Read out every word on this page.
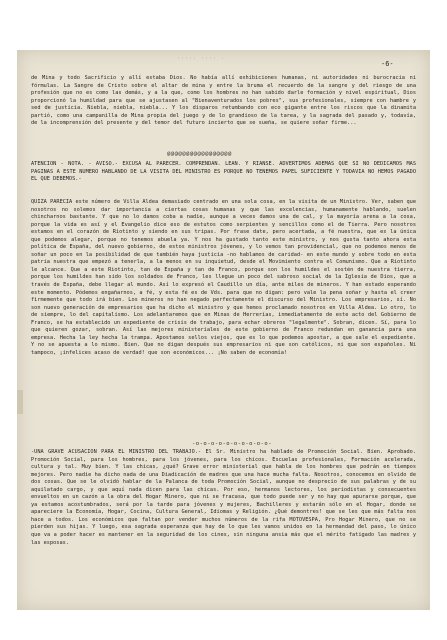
····· ···· ·
-6-

de Mina y todo Sacrificio y allí estaba Dios. No había allí exhibiciones humanas, ni autoridades ni burocracia ni fórmulas. La Sangre de Cristo sobre el altar de mina y entre la bruma el recuerdo de la sangre y del riesgo de una profesión que no es como las demás, y a la que, como los hombres no han sabido darle formación y nivel espiritual, Dios proporcionó la humildad para que se ajustasen al "Bienaventurados los pobres", sus profesionales, siempre con hambre y sed de justicia. Niebla, niebla, niebla... Y los disparos retumbando con eco gigante entre los riscos que la dinamita partió, como una campanilla de Mina propia del juego y de lo grandioso de la tarea, y la sagrada del pasado y, todavía, de la incomprensión del presente y del temor del futuro incierto que se sueña, se quiere soñar firme...

@@@@@@@@@@@@@@@@@

ATENCION - NOTA. - AVISO.- EXCUSA AL PARECER. COMPRENDAN. LEAN. Y RIANSE. ADVERTIMOS ADEMAS QUE SI NO DEDICAMOS MAS PAGINAS A ESTE NUMERO HABLANDO DE LA VISITA DEL MINISTRO ES PORQUE NO TENEMOS PAPEL SUFICIENTE Y TODAVIA NO HEMOS PAGADO EL QUE DEBEMOS.-

QUIZA PARECIA este número de Villa Aldea demasiado centrado en una sola cosa, en la visita de un Ministro. Ver, saben que nosotros no solemos dar importancia a ciertas cosas humanas y que las excelencias, humanamente hablando, suelen chincharnos bastante. Y que no lo damos coba a nadie, aunque a veces damos una de cal, y la mayoría arena a la cosa, porque la vida es así y el Evangelio dice eso de estutos como serpientes y sencillos como el de Tierra. Pero nosotros estamos en el corazón de Riotinto y siendo en sus tripas. Por frase date, pero acertada, a fé nuestra, que es la única que podemos alegar, porque no tenemos abuela ya. Y nos ha gustado tanto este ministro, y nos gusta tanto ahora esta política de España, del nuevo gobierno, de estos ministros jóvenes, y lo vemos tan providencial, que no podemos menos de soñar un poco en la posibilidad de que también haya justicia -no hablamos de caridad- en este mundo y sobre todo en esta patria nuestra que empezó a tenerla, a la menos en su inquietud, desde el Movimiento contra el Comunismo. Que a Riotinto le alcance. Que a este Riotinto, tan de España y tan de Franco, porque son los humildes el sostén de nuestra tierra, porque los humildes han sido los soldados de Franco, les llegue un poco del sabroso social de la Iglesia de Dios, que a través de España, debe llegar al mundo. Así lo expresó el Caudillo un día, ante miles de mineros. Y han estado esperando este momento. Pódemos engañarnos, a fé, y esta fé es de Vds. para que no digan: pero vale la pena soñar y hasta el creer firmemente que todo irá bien. Los mineros no han negado perfectamente el discurso del Ministro. Los empresarios, sí. No son nuevo generación de empresarios que ha dicho el ministro y que hemos proclamado nosotros en Villa Aldea. Lo otro, lo de siempre, lo del capitalismo. Los adelantaremos que en Minas de Herrerías, inmediatamente de este acto del Gobierno de Franco, se ha establecido un expediente de crisis de trabajo, para echar obreros "legalmente". Sobran, dicen. Sí, para lo que quieren gozar, sobran. Así las mejores ministeriales de este gobierno de Franco redundan en ganancia para una empresa. Hecha la ley hecha la trampa. Apostamos sellos viejos, que es lo que podemos apostar, a que sale el expediente. Y no se apuesta a lo mismo. Bien. Que no digan después sus empresarios ni que son católicos, ni que son españoles. Ni tampoco, ¡infelices acaso de verdad! que son económicos... ¡No saben de economía!

-o-o-o-o-o-o-o-o-o-o-

-UNA GRAVE ACUSACION PARA EL MINISTRO DEL TRABAJO.- El Sr. Ministro ha hablado de Promoción Social. Bien. Aprobado. Promoción Social, para los hombres, para los jóvenes, para los chicos. Escuelas profesionales, Formación acelerada, cultura y tal. Muy bien. Y las chicas, ¿qué? Grave error ministerial que habla de los hombres que podrán en tiempos mejores. Pero nadie ha dicho nada de una Diadicación de madres que una hace mucha falta. Nosotros, conocemos en olvido de dos cosas. Que se le olvidó hablar de la Palanca de toda Promoción Social, aunque no desprecio de sus palabras y de su aquilatado cargo, y que aquí nada dicen para las chicas. Por eso, hermanos lectores, los periodistas y consecuentes envueltos en un cazón a la obra del Hogar Minero, que ni se fracasa, que todo puede ser y no hay que apurarse porque, que ya estamos acostumbrados, será por la tarde para jóvenes y mujeres, Bachilleres y estarán sólo en el Hogar, donde se apareciere la Economía, Hogar, Cocina, Cultura General, Idiomas y Religión. ¿Qué demontres! que se les que más falta nos hace a todos. Los económicos que faltan por vender muchos números de la rifa MOTOVESPA, Pro Hogar Minero, que no se pierden sus hijas. Y luego, esa sagrada esperanza que hay de lo que les vamos unidos en la hermandad del paso, lo único que va a poder hacer es mantener en la seguridad de los cines, sin ninguna ansia más que el mérito fatigado las madres y las esposas.
